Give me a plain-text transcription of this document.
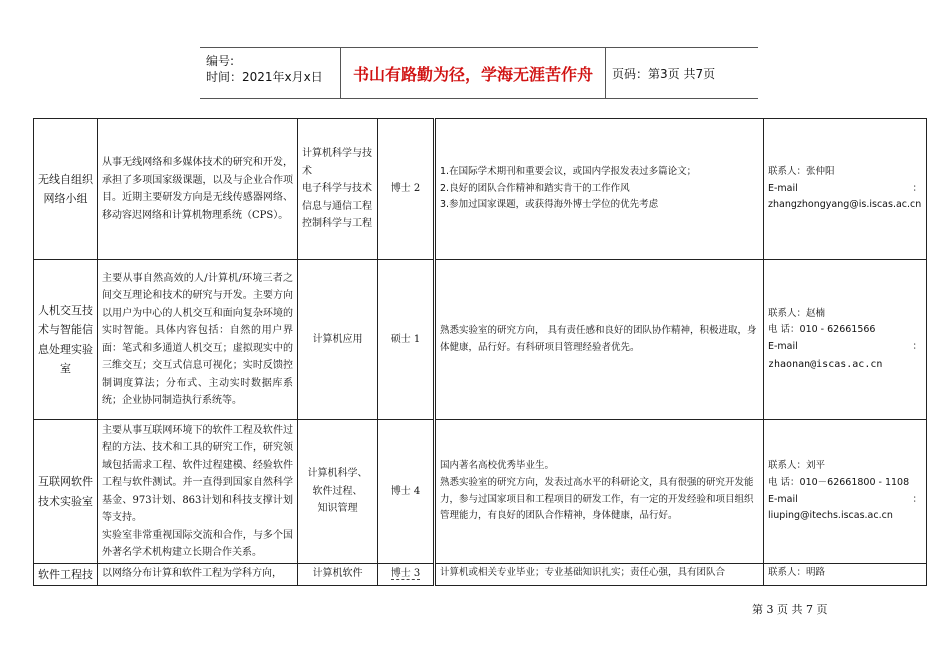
编号:
时间：2021年x月x日	书山有路勤为径，学海无涯苦作舟	页码：第3页 共7页
无线自组织网络小组	从事无线网络和多媒体技术的研究和开发，承担了多项国家级课题，以及与企业合作项目。近期主要研发方向是无线传感器网络、移动容迟网络和计算机物理系统（CPS）。	计算机科学与技术
电子科学与技术
信息与通信工程
控制科学与工程	博士 2	1.在国际学术期刊和重要会议，或国内学报发表过多篇论文；
2.良好的团队合作精神和踏实肯干的工作作风
3.参加过国家课题，或获得海外博士学位的优先考虑	联系人：张仲阳
E-mail ：
zhangzhongyang@is.iscas.ac.cn

人机交互技术与智能信息处理实验室	主要从事自然高效的人/计算机/环境三者之间交互理论和技术的研究与开发。主要方向以用户为中心的人机交互和面向复杂环境的实时智能。具体内容包括：自然的用户界面：笔式和多通道人机交互；虚拟现实中的三维交互；交互式信息可视化；实时反馈控制调度算法；分布式、主动实时数据库系统；企业协同制造执行系统等。	计算机应用	硕士 1	熟悉实验室的研究方向， 具有责任感和良好的团队协作精神，积极进取，身体健康，品行好。有科研项目管理经验者优先。	联系人：赵楠
电 话：010 - 62661566
E-mail ：
zhaonan@iscas.ac.cn

互联网软件技术实验室	主要从事互联网环境下的软件工程及软件过程的方法、技术和工具的研究工作，研究领域包括需求工程、软件过程建模、经验软件工程与软件测试。并一直得到国家自然科学基金、973计划、863计划和科技支撑计划等支持。
实验室非常重视国际交流和合作，与多个国外著名学术机构建立长期合作关系。	计算机科学、
软件过程、
知识管理	博士 4	国内著名高校优秀毕业生。
熟悉实验室的研究方向，发表过高水平的科研论文，具有很强的研究开发能力，参与过国家项目和工程项目的研发工作，有一定的开发经验和项目组织管理能力，有良好的团队合作精神，身体健康，品行好。	联系人：刘平
电 话：010－62661800 - 1108
E-mail ：
liuping@itechs.iscas.ac.cn

软件工程技	以网络分布计算和软件工程为学科方向，	计算机软件	博士 3	计算机或相关专业毕业；专业基础知识扎实；责任心强，具有团队合	联系人：明路
第 3 页 共 7 页
